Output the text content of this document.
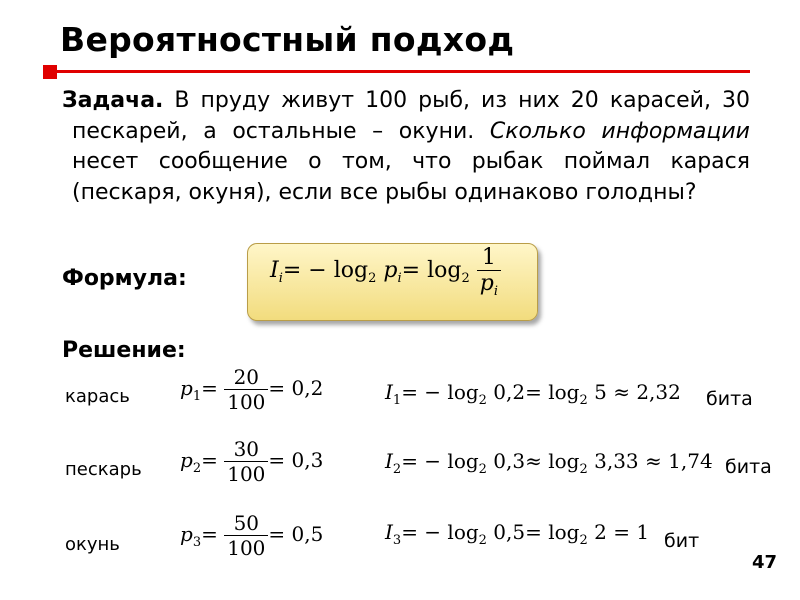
Вероятностный подход
Задача. В пруду живут 100 рыб, из них 20 карасей, 30 пескарей, а остальные – окуни. Сколько информации несет сообщение о том, что рыбак поймал карася (пескаря, окуня), если все рыбы одинаково голодны?
Формула:	$I_i= - \log_2 p_i= \log_2 \frac{1}{p_i}$
Решение:
карась	$p_1= \frac{20}{100} = 0,2$	$I_1= - \log_2 0,2= \log_2 5 \approx 2,32$ бита
пескарь $p_2= \frac{30}{100} = 0,3$	$I_2= - \log_2 0,3\approx \log_2 3,33 \approx 1,74$ бита
окунь	$p_3= \frac{50}{100} = 0,5$	$I_3= - \log_2 0,5= \log_2 2 = 1$ бит
47
